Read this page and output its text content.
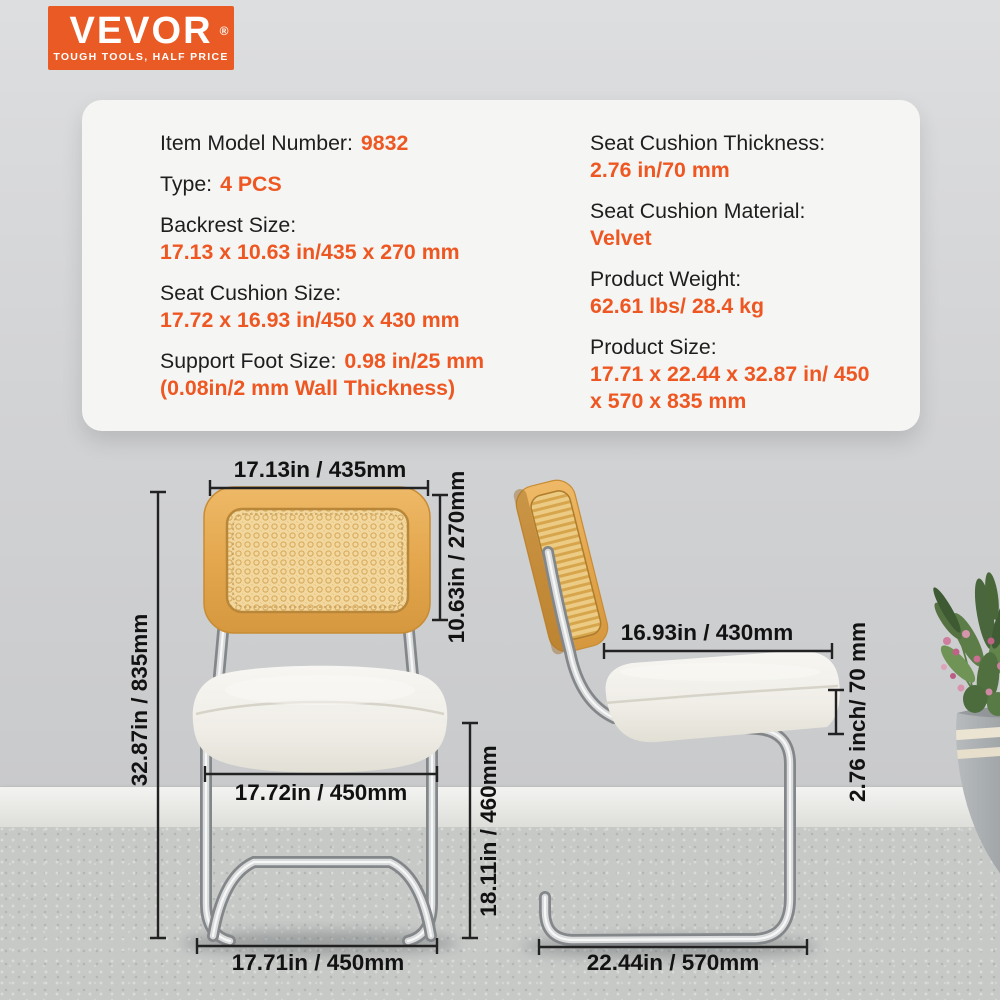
VEVOR ®
TOUGH TOOLS, HALF PRICE

Item Model Number: 9832

Type: 4 PCS

Backrest Size:
17.13 x 10.63 in/435 x 270 mm

Seat Cushion Size:
17.72 x 16.93 in/450 x 430 mm

Support Foot Size: 0.98 in/25 mm (0.08in/2 mm Wall Thickness)

Seat Cushion Thickness:
2.76 in/70 mm

Seat Cushion Material:
Velvet

Product Weight:
62.61 lbs/ 28.4 kg

Product Size:
17.71 x 22.44 x 32.87 in/ 450 x 570 x 835 mm

17.13in / 435mm
10.63in / 270mm
32.87in / 835mm
17.72in / 450mm	18.11in / 460mm
17.71in / 450mm
16.93in / 430mm 2.76 inch/ 70 mm
22.44in / 570mm
